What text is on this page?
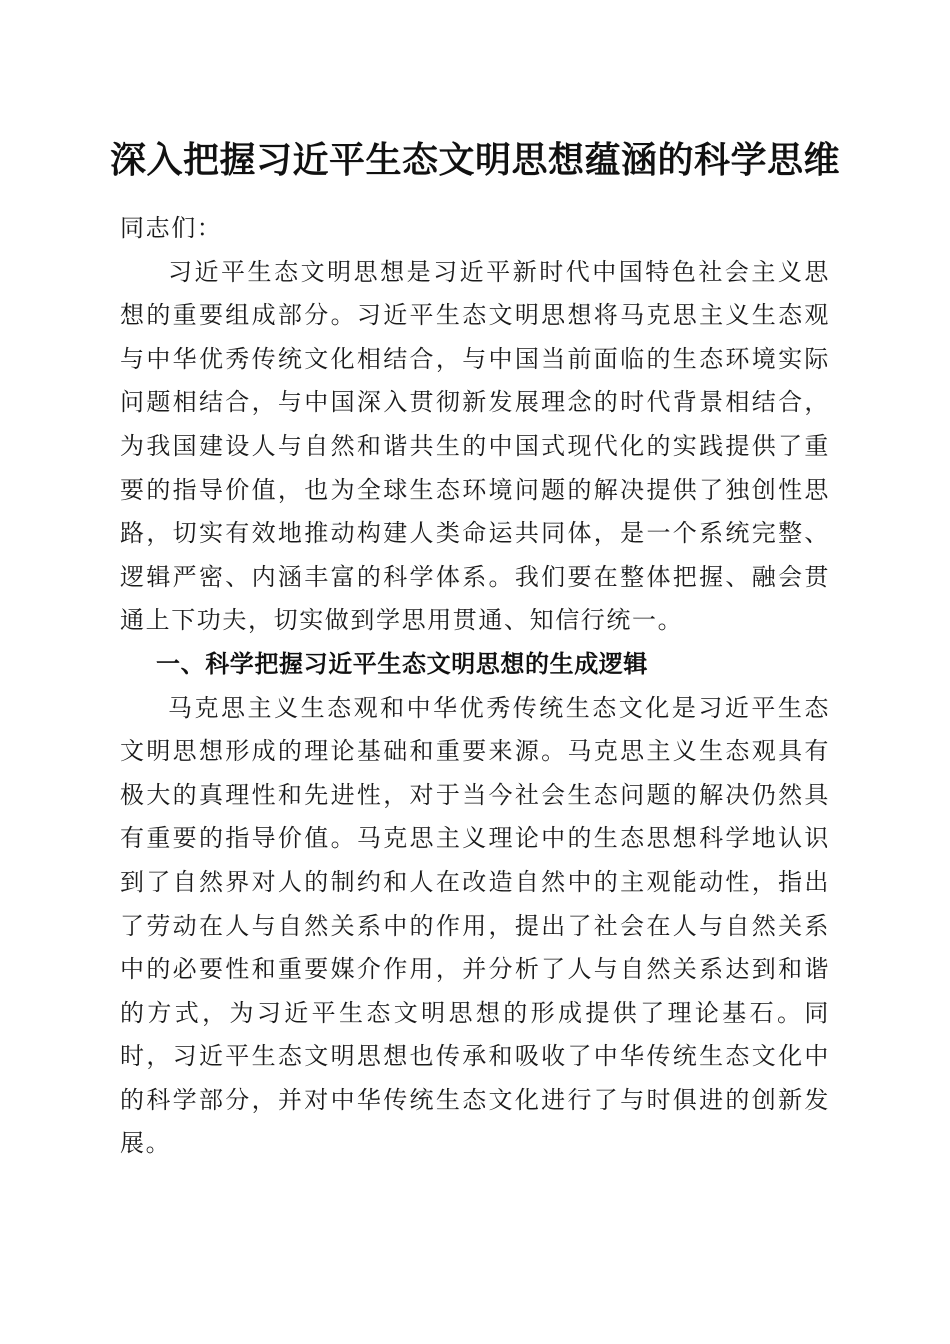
深入把握习近平生态文明思想蕴涵的科学思维

同志们：

习近平生态文明思想是习近平新时代中国特色社会主义思想的重要组成部分。习近平生态文明思想将马克思主义生态观与中华优秀传统文化相结合，与中国当前面临的生态环境实际问题相结合，与中国深入贯彻新发展理念的时代背景相结合，为我国建设人与自然和谐共生的中国式现代化的实践提供了重要的指导价值，也为全球生态环境问题的解决提供了独创性思路，切实有效地推动构建人类命运共同体，是一个系统完整、逻辑严密、内涵丰富的科学体系。我们要在整体把握、融会贯通上下功夫，切实做到学思用贯通、知信行统一。

一、科学把握习近平生态文明思想的生成逻辑

马克思主义生态观和中华优秀传统生态文化是习近平生态文明思想形成的理论基础和重要来源。马克思主义生态观具有极大的真理性和先进性，对于当今社会生态问题的解决仍然具有重要的指导价值。马克思主义理论中的生态思想科学地认识到了自然界对人的制约和人在改造自然中的主观能动性，指出了劳动在人与自然关系中的作用，提出了社会在人与自然关系中的必要性和重要媒介作用，并分析了人与自然关系达到和谐的方式，为习近平生态文明思想的形成提供了理论基石。同时，习近平生态文明思想也传承和吸收了中华传统生态文化中的科学部分，并对中华传统生态文化进行了与时俱进的创新发展。
